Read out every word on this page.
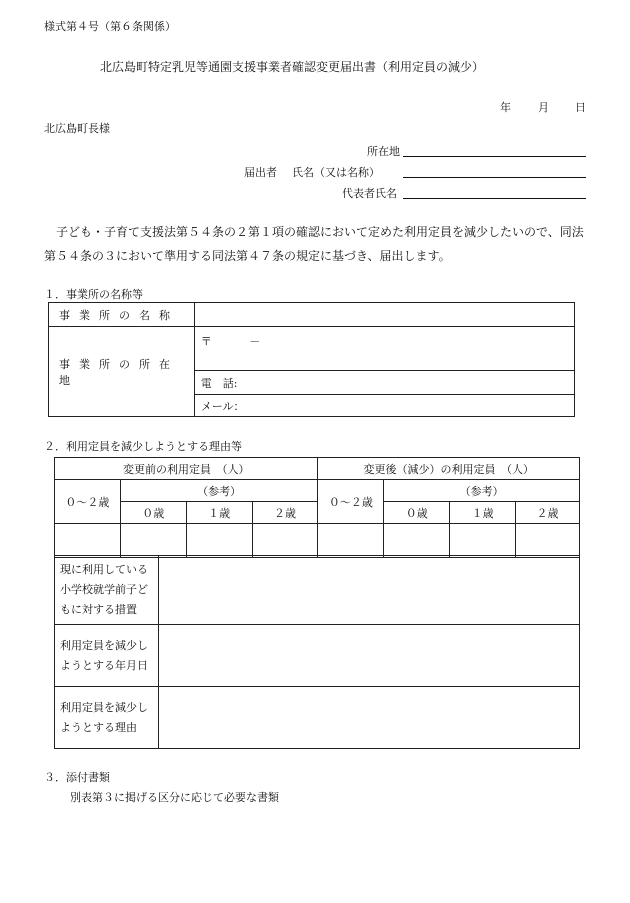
様式第４号（第６条関係）
北広島町特定乳児等通園支援事業者確認変更届出書（利用定員の減少）
年 月 日
北広島町長様
所在地
届出者 氏名（又は名称）
代表者氏名
子ども・子育て支援法第５４条の２第１項の確認において定めた利用定員を減少したいので、同法第５４条の３において準用する同法第４７条の規定に基づき、届出します。
１．事業所の名称等
事業所の名称	
事業所の所在地	〒 －
	電　話:
	メール：
２．利用定員を減少しようとする理由等
変更前の利用定員　（人）				変更後（減少）の利用定員　（人）			
０～２歳	（参考）			０～２歳	（参考）		
	０歳	１歳	２歳		０歳	１歳	２歳

現に利用している小学校就学前子どもに対する措置	
利用定員を減少しようとする年月日	
利用定員を減少しようとする理由	
３．添付書類
別表第３に掲げる区分に応じて必要な書類
